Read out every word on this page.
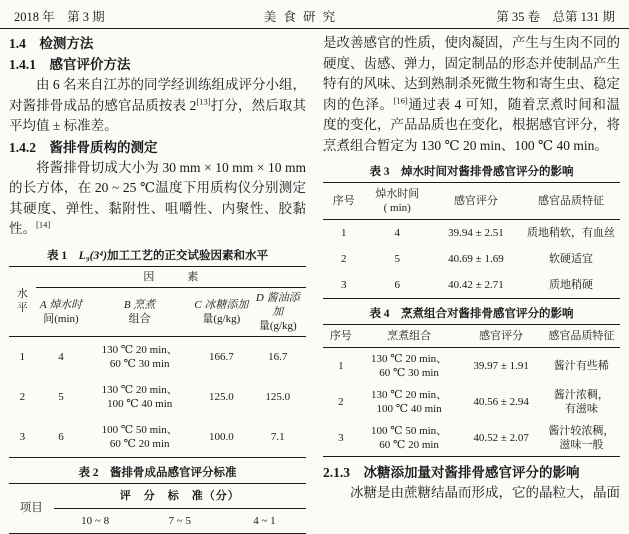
2018 年　第 3 期	美 食 研 究	第 35 卷　总第 131 期
1.4　检测方法
1.4.1　感官评价方法

由 6 名来自江苏的同学经训练组成评分小组，对酱排骨成品的感官品质按表 2[13]打分，然后取其平均值 ± 标准差。

1.4.2　酱排骨质构的测定

将酱排骨切成大小为 30 mm × 10 mm × 10 mm 的长方体，在 20 ~ 25 ℃温度下用质构仪分别测定其硬度、弹性、黏附性、咀嚼性、内聚性、胶黏性。[14]

表 1　L₉(3⁴)加工工艺的正交试验因素和水平
水
平	因　　　素			

	A 焯水时
间(min)	B 烹煮
组合	C 冰糖添加
量(g/kg)	D 酱油添加
量(g/kg)

1	4	130 ℃ 20 min、
60 ℃ 30 min	166.7	16.7
2	5	130 ℃ 20 min、
100 ℃ 40 min	125.0	125.0
3	6	100 ℃ 50 min、
60 ℃ 20 min	100.0	7.1
表 2　酱排骨成品感官评分标准
项目	评　分　标　准（分）		
	10 ~ 8	7 ~ 5	4 ~ 1

是改善感官的性质，使肉凝固，产生与生肉不同的硬度、齿感、弹力，固定制品的形态并使制品产生特有的风味、达到熟制杀死微生物和寄生虫、稳定肉的色泽。[16]通过表 4 可知，随着烹煮时间和温度的变化，产品品质也在变化，根据感官评分，将烹煮组合暂定为 130 ℃ 20 min、100 ℃ 40 min。

表 3　焯水时间对酱排骨感官评分的影响
序号	焯水时间
( min)	感官评分	感官品质特征
1	4	39.94 ± 2.51	质地稍软，有血丝
2	5	40.69 ± 1.69	软硬适宜
3	6	40.42 ± 2.71	质地稍硬
表 4　烹煮组合对酱排骨感官评分的影响
序号	烹煮组合	感官评分	感官品质特征
1	130 ℃ 20 min、
60 ℃ 30 min	39.97 ± 1.91	酱汁有些稀
2	130 ℃ 20 min、
100 ℃ 40 min	40.56 ± 2.94	酱汁浓稠，
有滋味

3	100 ℃ 50 min、
60 ℃ 20 min	40.52 ± 2.07	酱汁较浓稠，
滋味一般
2.1.3　冰糖添加量对酱排骨感官评分的影响

冰糖是由蔗糖结晶而形成，它的晶粒大，晶面
